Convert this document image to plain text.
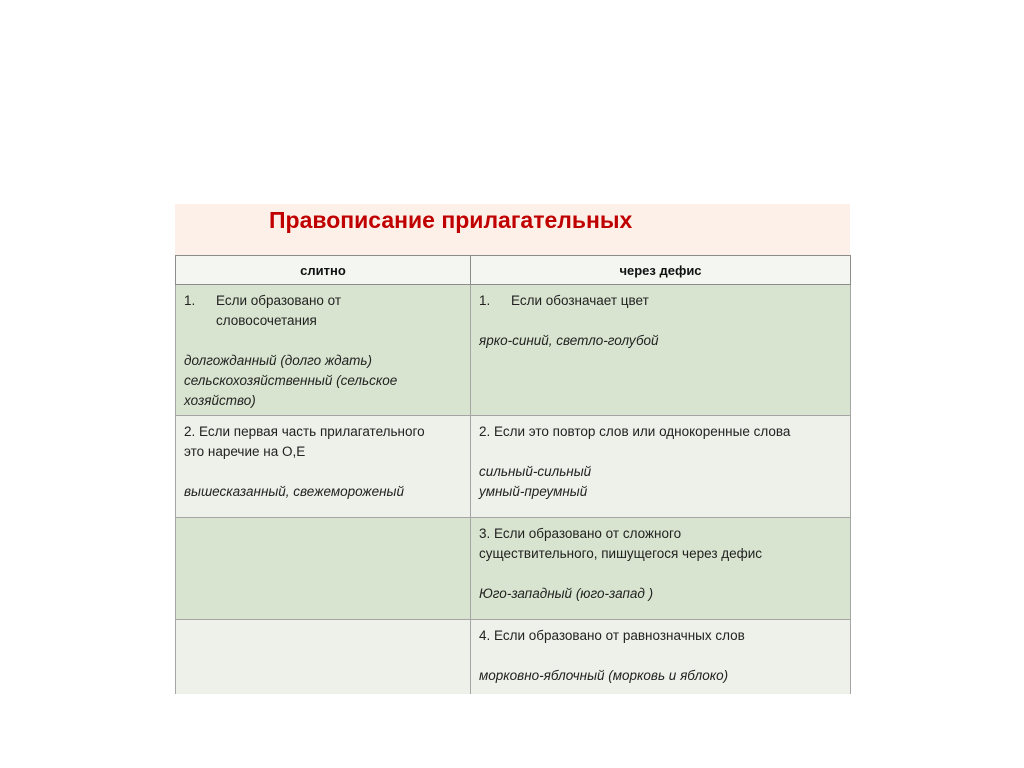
Правописание прилагательных
слитно	через дефис

1. Если образовано от
словосочетания
долгожданный (долго ждать)
сельскохозяйственный (сельское
хозяйство)	1. Если обозначает цвет
ярко-синий, светло-голубой

2. Если первая часть прилагательного
это наречие на О,Е
вышесказанный, свежемороженый	2. Если это повтор слов или однокоренные слова
сильный-сильный
умный-преумный

	3. Если образовано от сложного
существительного, пишущегося через дефис
Юго-западный (юго-запад )

	4. Если образовано от равнозначных слов
морковно-яблочный (морковь и яблоко)
